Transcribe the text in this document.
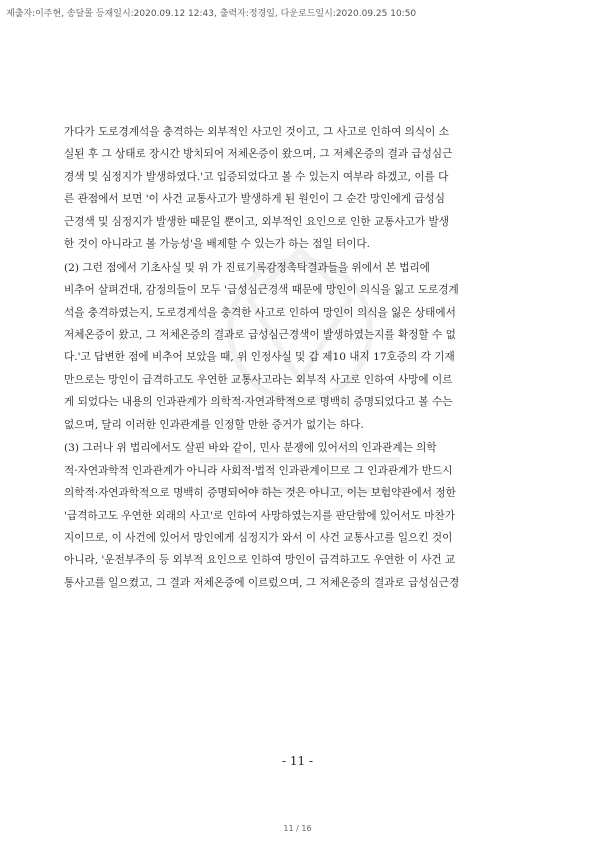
제출자:이주현, 송달몰 등재일시:2020.09.12 12:43, 출력자:정경일, 다운로드일시:2020.09.25 10:50
가다가 도로경계석을 충격하는 외부적인 사고인 것이고, 그 사고로 인하여 의식이 소
실된 후 그 상태로 장시간 방치되어 저체온증이 왔으며, 그 저체온증의 결과 급성심근
경색 및 심정지가 발생하였다.'고 입증되었다고 볼 수 있는지 여부라 하겠고, 이를 다
른 관점에서 보면 '이 사건 교통사고가 발생하게 된 원인이 그 순간 망인에게 급성심
근경색 및 심정지가 발생한 때문일 뿐이고, 외부적인 요인으로 인한 교통사고가 발생
한 것이 아니라고 볼 가능성'을 배제할 수 있는가 하는 점일 터이다.
(2) 그런 점에서 기초사실 및 위 가 진료기록감정촉탁결과들을 위에서 본 법리에
비추어 살펴건대, 감정의들이 모두 '급성심근경색 때문에 망인이 의식을 잃고 도로경계
석을 충격하였는지, 도로경계석을 충격한 사고로 인하여 망인이 의식을 잃은 상태에서
저체온증이 왔고, 그 저체온증의 결과로 급성심근경색이 발생하였는지를 확정할 수 없
다.'고 답변한 점에 비추어 보았을 때, 위 인정사실 및 갑 제10 내지 17호증의 각 기재
만으로는 망인이 급격하고도 우연한 교통사고라는 외부적 사고로 인하여 사망에 이르
게 되었다는 내용의 인과관계가 의학적·자연과학적으로 명백히 증명되었다고 볼 수는
없으며, 달리 이러한 인과관계를 인정할 만한 증거가 없기는 하다.
(3) 그러나 위 법리에서도 살핀 바와 같이, 민사 분쟁에 있어서의 인과관계는 의학
적·자연과학적 인과관계가 아니라 사회적·법적 인과관계이므로 그 인과관계가 반드시
의학적·자연과학적으로 명백히 증명되어야 하는 것은 아니고, 이는 보험약관에서 정한
'급격하고도 우연한 외래의 사고'로 인하여 사망하였는지를 판단함에 있어서도 마찬가
지이므로, 이 사건에 있어서 망인에게 심정지가 와서 이 사건 교통사고를 일으킨 것이
아니라, '운전부주의 등 외부적 요인으로 인하여 망인이 급격하고도 우연한 이 사건 교
통사고를 일으켰고, 그 결과 저체온증에 이르렀으며, 그 저체온증의 결과로 급성심근경
- 11 -
11 / 16
